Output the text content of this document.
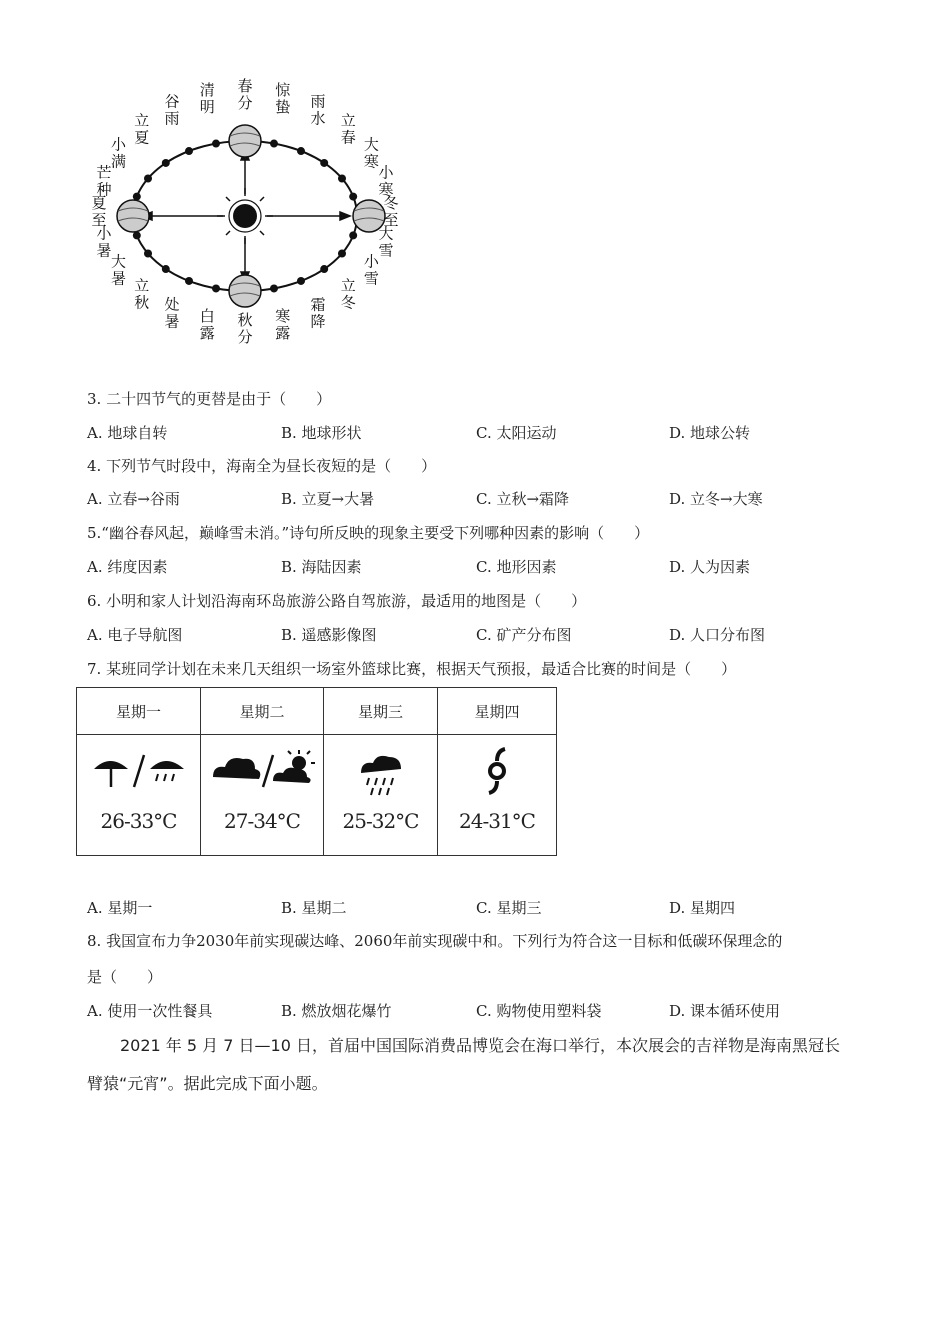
春分
惊蛰 雨水 立春 大寒
小寒
冬至
大雪
小雪
立冬
霜降
寒露
秋分
白露
处暑
立秋
大暑
小暑
夏至
芒种
小满
立夏
谷雨
清明
3. 二十四节气的更替是由于（　　）
A. 地球自转	B. 地球形状	C. 太阳运动	D. 地球公转
4. 下列节气时段中，海南全为昼长夜短的是（　　）
A. 立春→谷雨	B. 立夏→大暑	C. 立秋→霜降	D. 立冬→大寒
5.“幽谷春风起，巅峰雪未消。”诗句所反映的现象主要受下列哪种因素的影响（　　）
A. 纬度因素	B. 海陆因素	C. 地形因素	D. 人为因素
6. 小明和家人计划沿海南环岛旅游公路自驾旅游，最适用的地图是（　　）
A. 电子导航图	B. 遥感影像图	C. 矿产分布图	D. 人口分布图
7. 某班同学计划在未来几天组织一场室外篮球比赛，根据天气预报，最适合比赛的时间是（　　）
星期一	星期二	星期三	星期四

26-33°C	27-34°C	25-32°C	24-31°C
A. 星期一	B. 星期二	C. 星期三	D. 星期四
8. 我国宣布力争2030年前实现碳达峰、2060年前实现碳中和。下列行为符合这一目标和低碳环保理念的
是（　　）
A. 使用一次性餐具	B. 燃放烟花爆竹	C. 购物使用塑料袋	D. 课本循环使用
2021 年 5 月 7 日—10 日，首届中国国际消费品博览会在海口举行，本次展会的吉祥物是海南黑冠长
臂猿“元宵”。据此完成下面小题。
